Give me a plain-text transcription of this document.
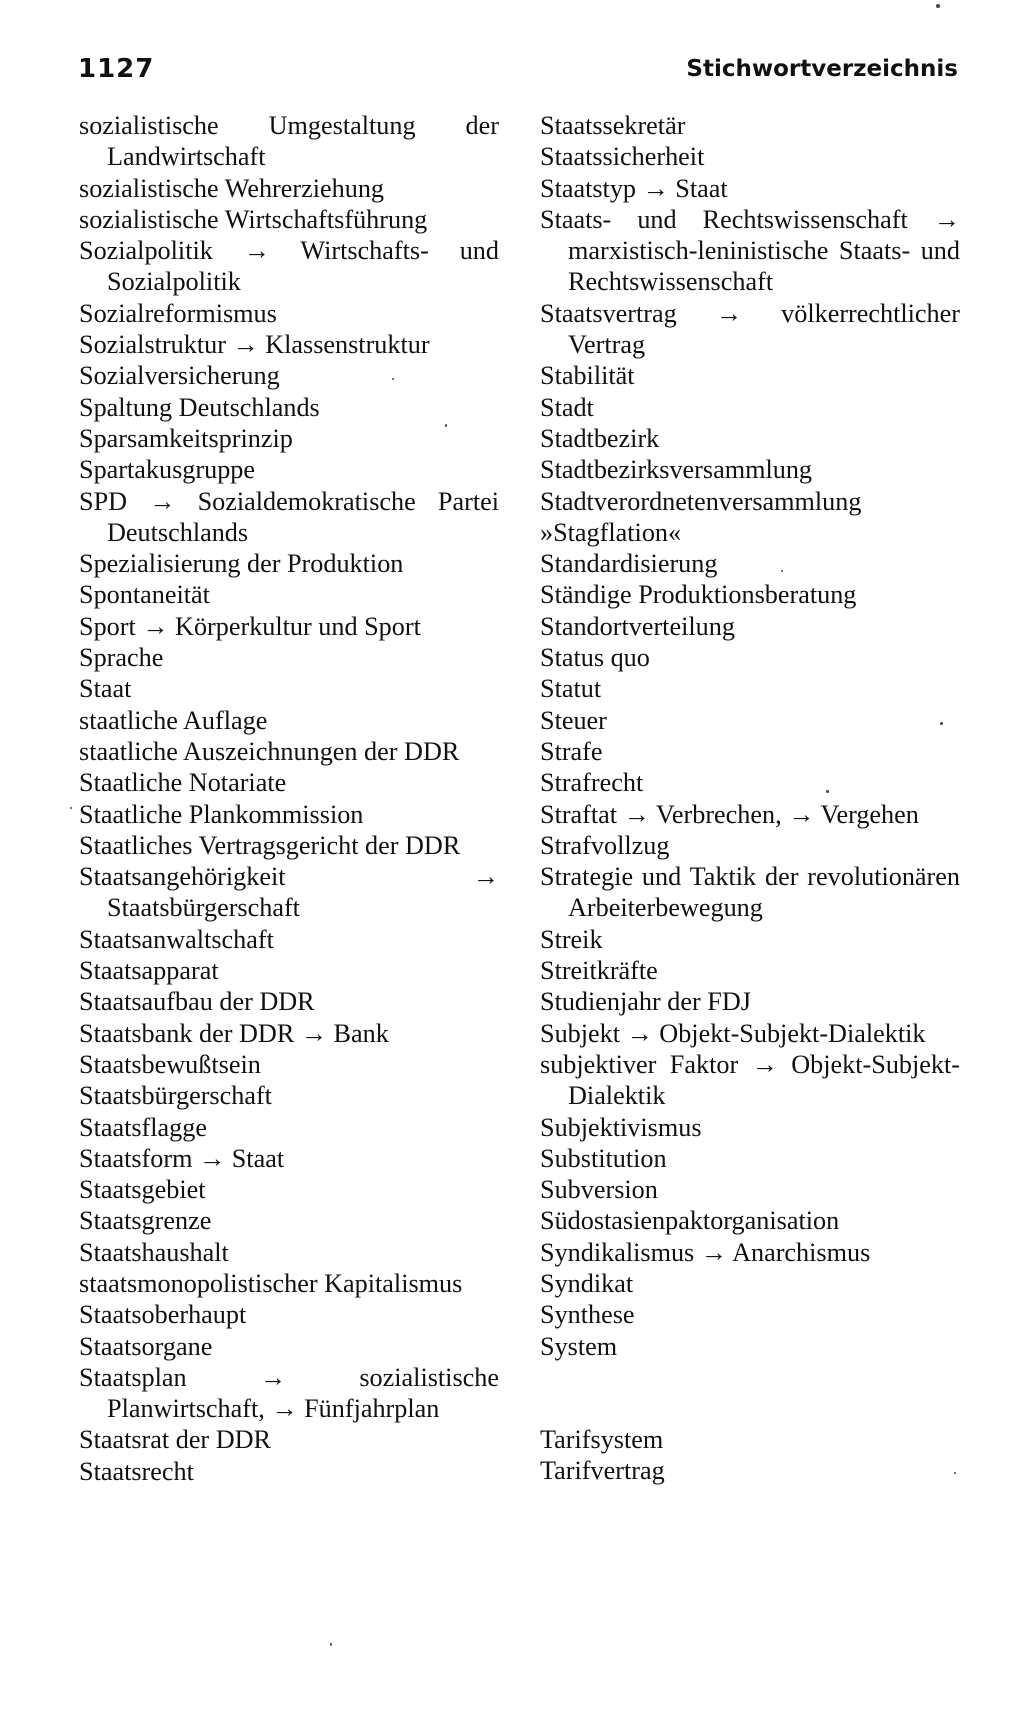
1127	Stichwortverzeichnis
sozialistische Umgestaltung der Landwirtschaft
sozialistische Wehrerziehung
sozialistische Wirtschaftsführung
Sozialpolitik → Wirtschafts- und Sozialpolitik
Sozialreformismus
Sozialstruktur → Klassenstruktur
Sozialversicherung
Spaltung Deutschlands
Sparsamkeitsprinzip
Spartakusgruppe
SPD → Sozialdemokratische Partei Deutschlands
Spezialisierung der Produktion
Spontaneität
Sport → Körperkultur und Sport
Sprache
Staat
staatliche Auflage
staatliche Auszeichnungen der DDR
Staatliche Notariate
Staatliche Plankommission
Staatliches Vertragsgericht der DDR
Staatsangehörigkeit → Staatsbürgerschaft
Staatsanwaltschaft
Staatsapparat
Staatsaufbau der DDR
Staatsbank der DDR → Bank
Staatsbewußtsein
Staatsbürgerschaft
Staatsflagge
Staatsform → Staat
Staatsgebiet
Staatsgrenze
Staatshaushalt
staatsmonopolistischer Kapitalismus
Staatsoberhaupt
Staatsorgane
Staatsplan → sozialistische Planwirtschaft, → Fünfjahrplan
Staatsrat der DDR
Staatsrecht
Staatssekretär
Staatssicherheit
Staatstyp → Staat
Staats- und Rechtswissenschaft → marxistisch-leninistische Staats- und Rechtswissenschaft
Staatsvertrag → völkerrechtlicher Vertrag
Stabilität
Stadt
Stadtbezirk
Stadtbezirksversammlung
Stadtverordnetenversammlung
»Stagflation«
Standardisierung
Ständige Produktionsberatung
Standortverteilung
Status quo
Statut
Steuer
Strafe
Strafrecht
Straftat → Verbrechen, → Vergehen
Strafvollzug
Strategie und Taktik der revolutionären Arbeiterbewegung
Streik
Streitkräfte
Studienjahr der FDJ
Subjekt → Objekt-Subjekt-Dialektik
subjektiver Faktor → Objekt-Subjekt-Dialektik
Subjektivismus
Substitution
Subversion
Südostasienpaktorganisation
Syndikalismus → Anarchismus
Syndikat
Synthese
System
Tarifsystem
Tarifvertrag
